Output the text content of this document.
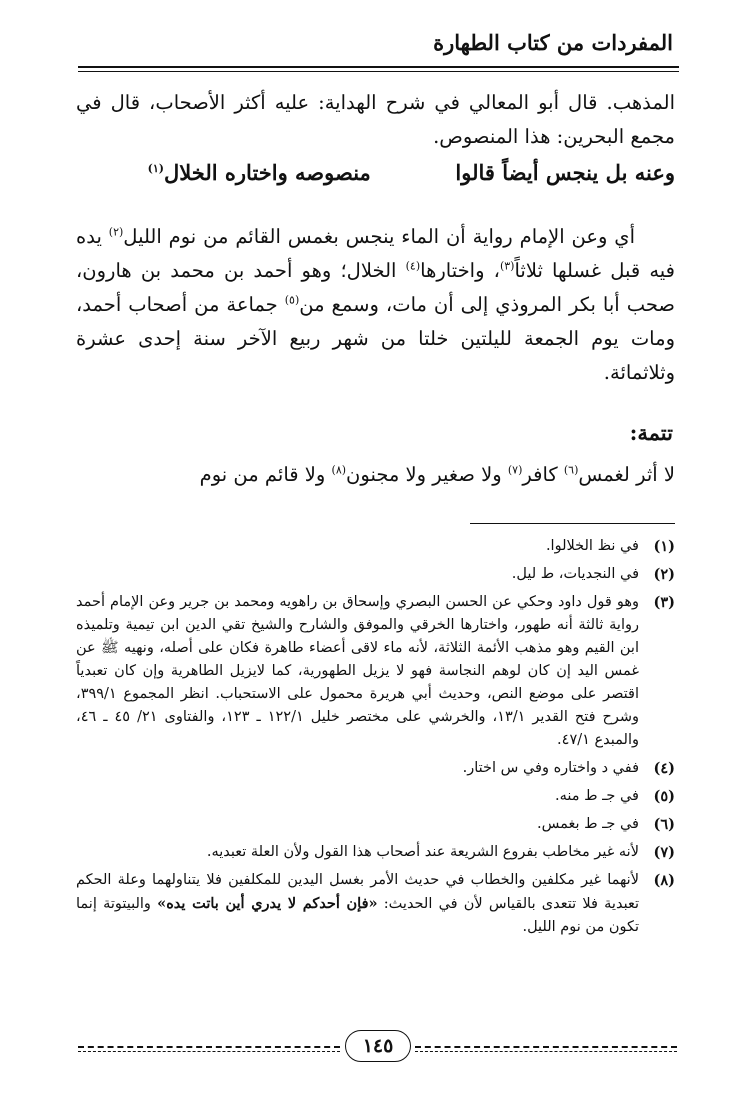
المفردات من كتاب الطهارة

المذهب. قال أبو المعالي في شرح الهداية: عليه أكثر الأصحاب، قال في مجمع البحرين: هذا المنصوص.

وعنه بل ينجس أيضاً قالوا  منصوصه واختاره الخلال$^{(١)}$

أي وعن الإمام رواية أن الماء ينجس بغمس القائم من نوم الليل$^{(٢)}$ يده فيه قبل غسلها ثلاثاً$^{(٣)}$، واختارها$^{(٤)}$ الخلال؛ وهو أحمد بن محمد بن هارون، صحب أبا بكر المروذي إلى أن مات، وسمع من$^{(٥)}$ جماعة من أصحاب أحمد، ومات يوم الجمعة لليلتين خلتا من شهر ربيع الآخر سنة إحدى عشرة وثلاثمائة.

تتمة:

لا أثر لغمس$^{(٦)}$ كافر$^{(٧)}$ ولا صغير ولا مجنون$^{(٨)}$ ولا قائم من نوم

(١)
في نظ الخلالوا.
(٢)
في النجديات، ط ليل.
(٣)
وهو قول داود وحكي عن الحسن البصري وإسحاق بن راهويه ومحمد بن جرير وعن الإمام أحمد رواية ثالثة أنه طهور، واختارها الخرقي والموفق والشارح والشيخ تقي الدين ابن تيمية وتلميذه ابن القيم وهو مذهب الأئمة الثلاثة، لأنه ماء لاقى أعضاء طاهرة فكان على أصله، ونهيه ﷺ عن غمس اليد إن كان لوهم النجاسة فهو لا يزيل الطهورية، كما لايزيل الطاهرية وإن كان تعبدياً اقتصر على موضع النص، وحديث أبي هريرة محمول على الاستحباب. انظر المجموع ٣٩٩/١، وشرح فتح القدير ١٣/١، والخرشي على مختصر خليل ١٢٢/١ ـ ١٢٣، والفتاوى ٢١/ ٤٥ ـ ٤٦، والمبدع ٤٧/١.
(٤)
ففي د واختاره وفي س اختار.
(٥)
في جـ ط منه.
(٦)
في جـ ط بغمس.
(٧)
لأنه غير مخاطب بفروع الشريعة عند أصحاب هذا القول ولأن العلة تعبديه.
(٨)
لأنهما غير مكلفين والخطاب في حديث الأمر بغسل اليدين للمكلفين فلا يتناولهما وعلة الحكم تعبدية فلا تتعدى بالقياس لأن في الحديث: «فإن أحدكم لا يدري أين باتت يده» والبيتوتة إنما تكون من نوم الليل.
١٤٥
